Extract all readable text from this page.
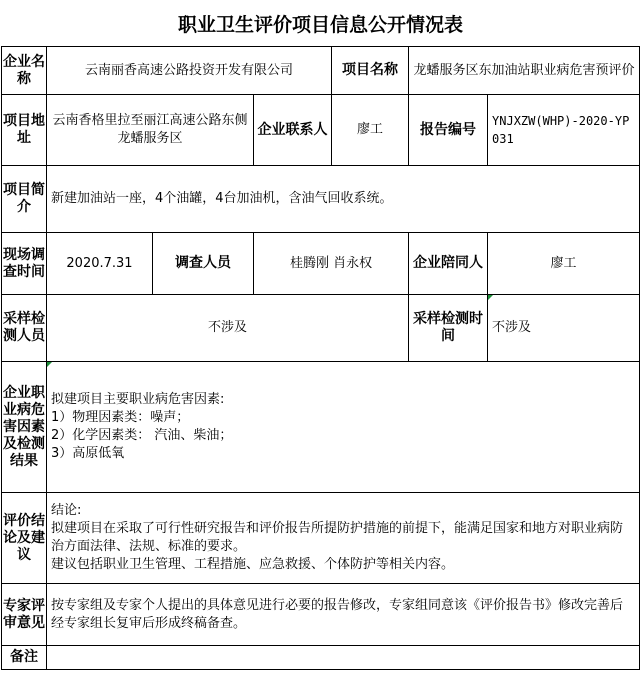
职业卫生评价项目信息公开情况表
企业名称	云南丽香高速公路投资开发有限公司			项目名称	龙蟠服务区东加油站职业病危害预评价	
项目地址	云南香格里拉至丽江高速公路东侧龙蟠服务区		企业联系人	廖工	报告编号	YNJXZW(WHP)-2020-YP031
项目简介	新建加油站一座，4个油罐，4台加油机，含油气回收系统。					
现场调查时间	2020.7.31	调查人员	桂腾刚 肖永权		企业陪同人	廖工
采样检测人员	不涉及				采样检测时间	不涉及
企业职业病危害因素及检测结果	拟建项目主要职业病危害因素:
1）物理因素类：噪声；
2）化学因素类： 汽油、柴油；
3）高原低氧					

评价结论及建议	结论:
拟建项目在采取了可行性研究报告和评价报告所提防护措施的前提下，能满足国家和地方对职业病防治方面法律、法规、标准的要求。
建议包括职业卫生管理、工程措施、应急救援、个体防护等相关内容。					

专家评审意见	按专家组及专家个人提出的具体意见进行必要的报告修改，专家组同意该《评价报告书》修改完善后经专家组长复审后形成终稿备查。					
备注						
